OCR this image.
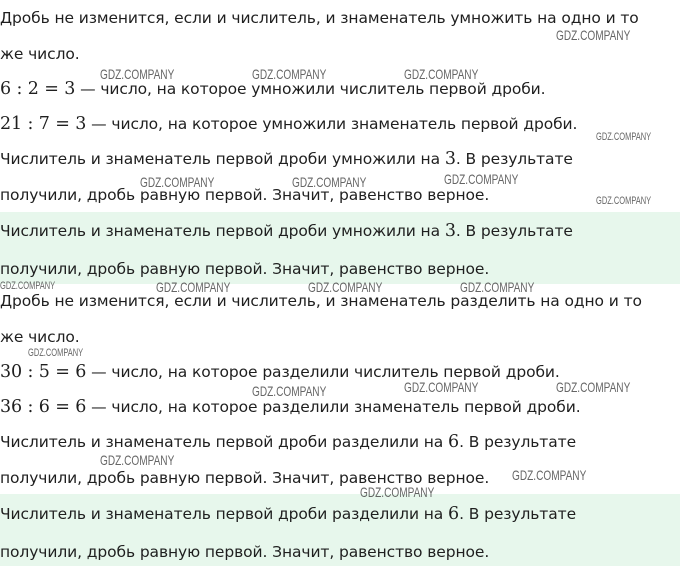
Дробь не изменится, если и числитель, и знаменатель умножить на одно и то
же число.
6 : 2 = 3 — число, на которое умножили числитель первой дроби.
21 : 7 = 3 — число, на которое умножили знаменатель первой дроби.
Числитель и знаменатель первой дроби умножили на 3. В результате
получили, дробь равную первой. Значит, равенство верное.
Числитель и знаменатель первой дроби умножили на 3. В результате
получили, дробь равную первой. Значит, равенство верное.
Дробь не изменится, если и числитель, и знаменатель разделить на одно и то
же число.
30 : 5 = 6 — число, на которое разделили числитель первой дроби.
36 : 6 = 6 — число, на которое разделили знаменатель первой дроби.
Числитель и знаменатель первой дроби разделили на 6. В результате
получили, дробь равную первой. Значит, равенство верное.
Числитель и знаменатель первой дроби разделили на 6. В результате
получили, дробь равную первой. Значит, равенство верное.
GDZ.COMPANY
GDZ.COMPANY	GDZ.COMPANY	GDZ.COMPANY
GDZ.COMPANY
GDZ.COMPANY	GDZ.COMPANY	GDZ.COMPANY
GDZ.COMPANY
GDZ.COMPANY	GDZ.COMPANY	GDZ.COMPANY	GDZ.COMPANY
GDZ.COMPANY
GDZ.COMPANY	GDZ.COMPANY	GDZ.COMPANY
GDZ.COMPANY
GDZ.COMPANY
GDZ.COMPANY
